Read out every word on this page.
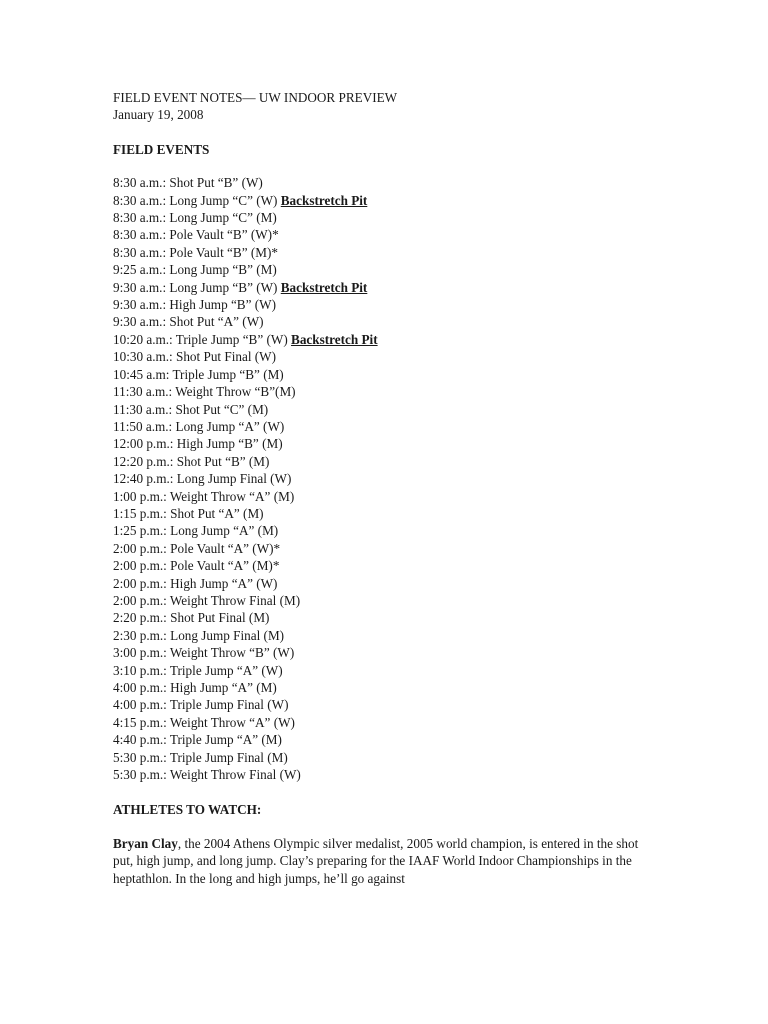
FIELD EVENT NOTES— UW INDOOR PREVIEW
January 19, 2008
FIELD EVENTS
8:30 a.m.: Shot Put “B” (W)
8:30 a.m.: Long Jump “C” (W) Backstretch Pit
8:30 a.m.: Long Jump “C” (M)
8:30 a.m.: Pole Vault “B” (W)*
8:30 a.m.: Pole Vault “B” (M)*
9:25 a.m.: Long Jump “B” (M)
9:30 a.m.: Long Jump “B” (W) Backstretch Pit
9:30 a.m.: High Jump “B” (W)
9:30 a.m.: Shot Put “A” (W)
10:20 a.m.: Triple Jump “B” (W) Backstretch Pit
10:30 a.m.: Shot Put Final (W)
10:45 a.m: Triple Jump “B” (M)
11:30 a.m.: Weight Throw “B”(M)
11:30 a.m.: Shot Put “C” (M)
11:50 a.m.: Long Jump “A” (W)
12:00 p.m.: High Jump “B” (M)
12:20 p.m.: Shot Put “B” (M)
12:40 p.m.: Long Jump Final (W)
1:00 p.m.: Weight Throw “A” (M)
1:15 p.m.: Shot Put “A” (M)
1:25 p.m.: Long Jump “A” (M)
2:00 p.m.: Pole Vault “A” (W)*
2:00 p.m.: Pole Vault “A” (M)*
2:00 p.m.: High Jump “A” (W)
2:00 p.m.: Weight Throw Final (M)
2:20 p.m.: Shot Put Final (M)
2:30 p.m.: Long Jump Final (M)
3:00 p.m.: Weight Throw “B” (W)
3:10 p.m.: Triple Jump “A” (W)
4:00 p.m.: High Jump “A” (M)
4:00 p.m.: Triple Jump Final (W)
4:15 p.m.: Weight Throw “A” (W)
4:40 p.m.: Triple Jump “A” (M)
5:30 p.m.: Triple Jump Final (M)
5:30 p.m.: Weight Throw Final (W)
ATHLETES TO WATCH:
Bryan Clay, the 2004 Athens Olympic silver medalist, 2005 world champion, is entered in the shot put, high jump, and long jump. Clay’s preparing for the IAAF World Indoor Championships in the heptathlon. In the long and high jumps, he’ll go against
